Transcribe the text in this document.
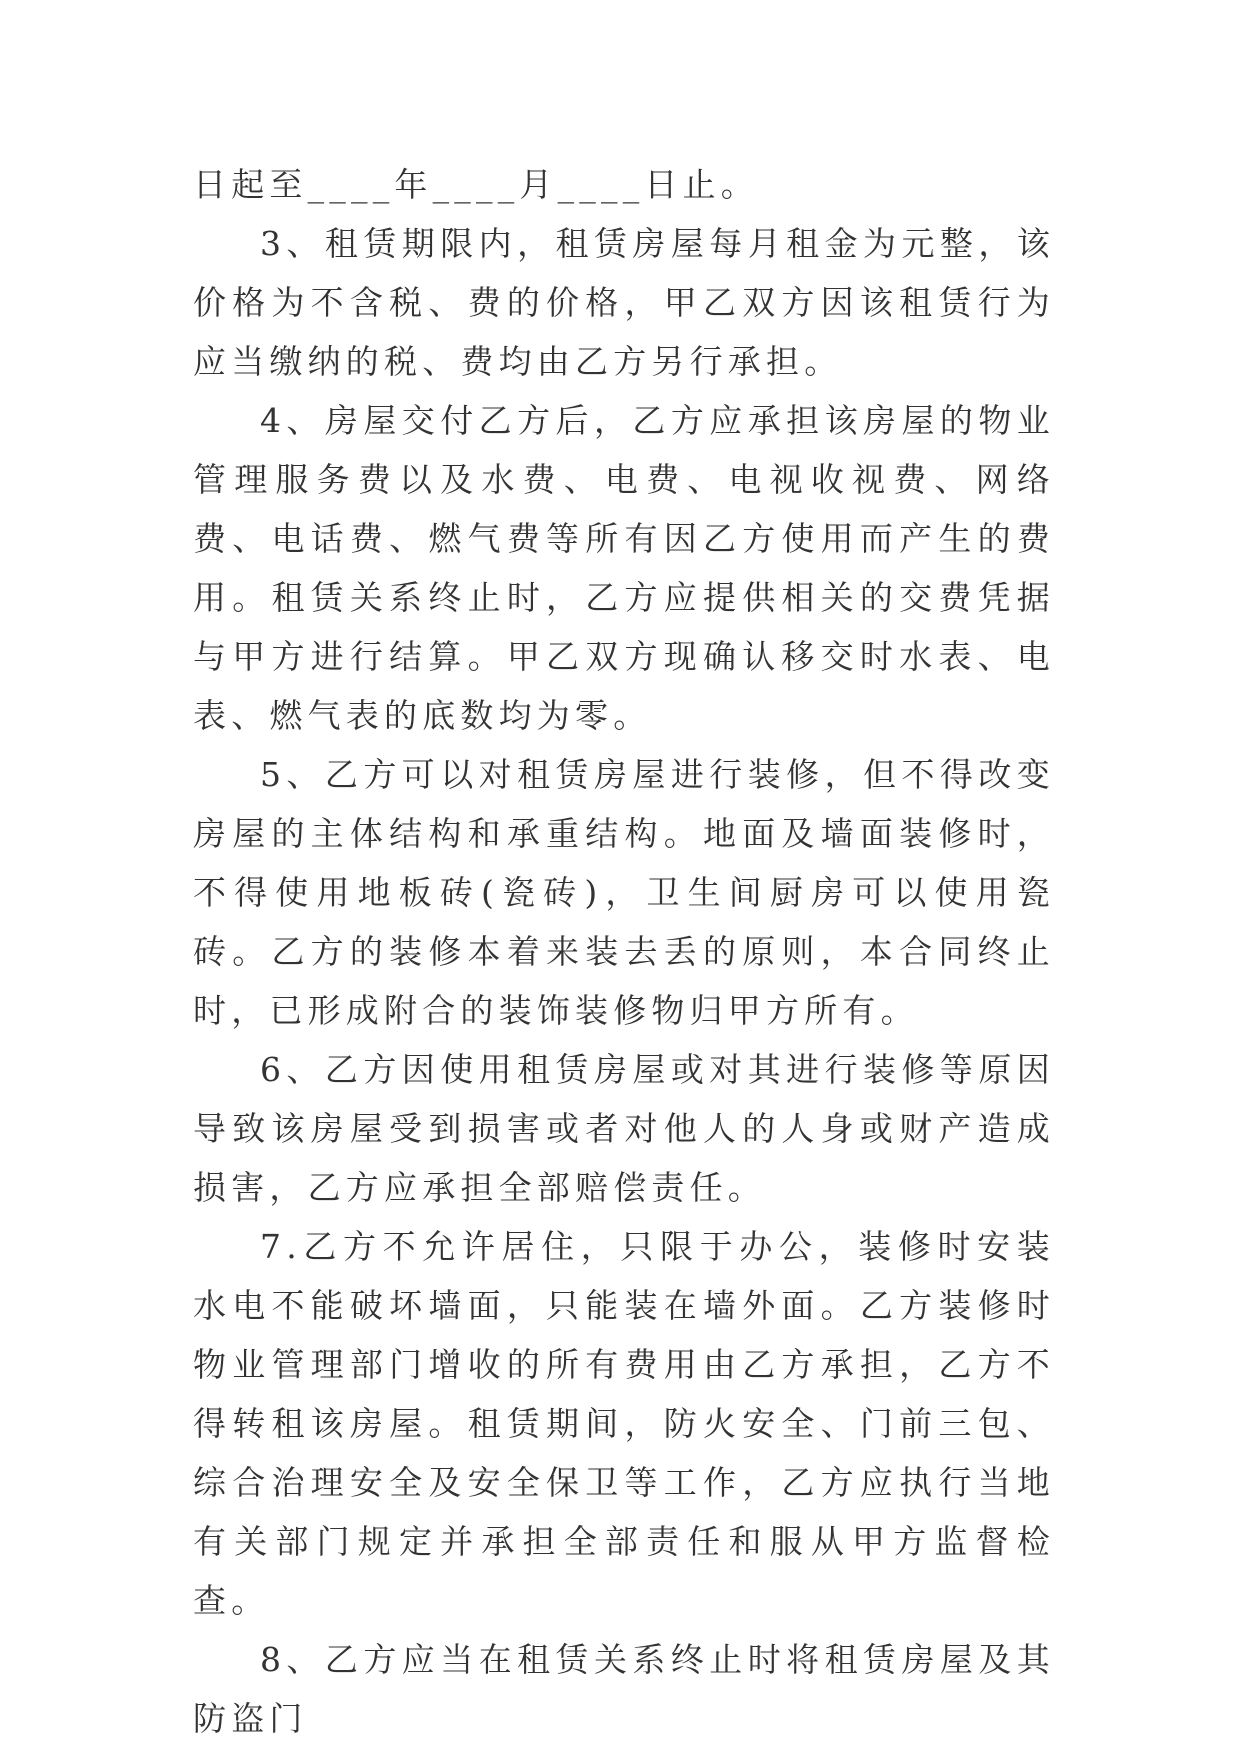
日起至____年____月____日止。

3、租赁期限内，租赁房屋每月租金为元整，该价格为不含税、费的价格，甲乙双方因该租赁行为应当缴纳的税、费均由乙方另行承担。

4、房屋交付乙方后，乙方应承担该房屋的物业管理服务费以及水费、电费、电视收视费、网络费、电话费、燃气费等所有因乙方使用而产生的费用。租赁关系终止时，乙方应提供相关的交费凭据与甲方进行结算。甲乙双方现确认移交时水表、电表、燃气表的底数均为零。

5、乙方可以对租赁房屋进行装修，但不得改变房屋的主体结构和承重结构。地面及墙面装修时，不得使用地板砖(瓷砖)，卫生间厨房可以使用瓷砖。乙方的装修本着来装去丢的原则，本合同终止时，已形成附合的装饰装修物归甲方所有。

6、乙方因使用租赁房屋或对其进行装修等原因导致该房屋受到损害或者对他人的人身或财产造成损害，乙方应承担全部赔偿责任。

7.乙方不允许居住，只限于办公，装修时安装水电不能破坏墙面，只能装在墙外面。乙方装修时物业管理部门增收的所有费用由乙方承担，乙方不得转租该房屋。租赁期间，防火安全、门前三包、综合治理安全及安全保卫等工作，乙方应执行当地有关部门规定并承担全部责任和服从甲方监督检查。

8、乙方应当在租赁关系终止时将租赁房屋及其防盗门
